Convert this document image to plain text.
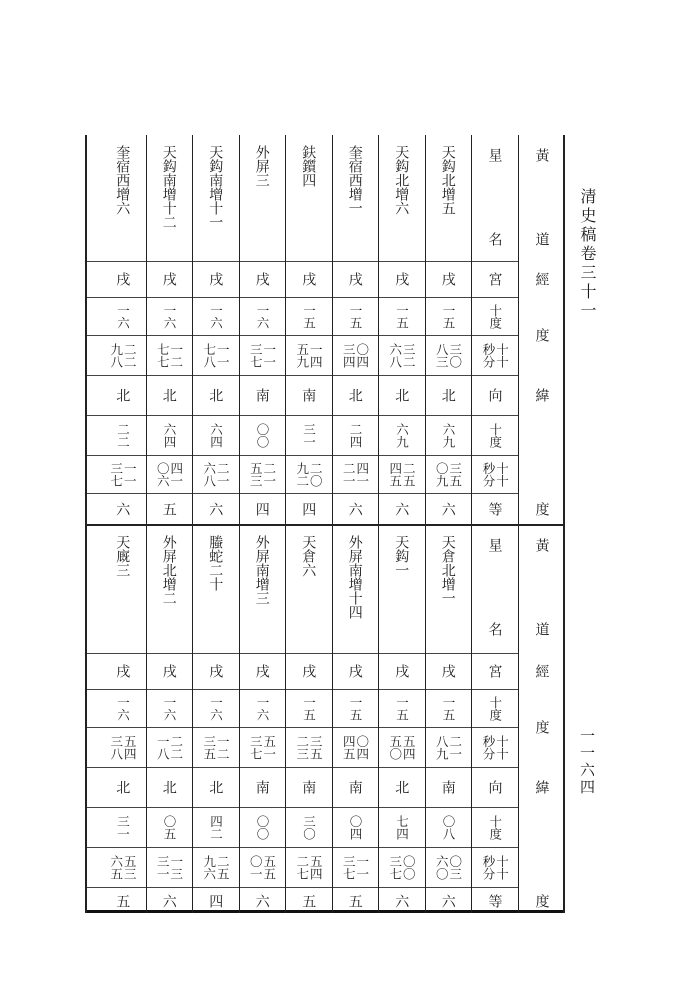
清史稿卷三十一
一一六四
黃
道
經
度
緯
度
星
名
宮
十度
十十
秒分
向
十度
十十
秒分
等
天鈎北增五
戌
一五
三〇
八三
北
六九
三五
〇九
六
天鈎北增六
戌
一五
三二
六八
北
六九
二五
四五
六
奎宿西增一
戌
一五
〇四
三四
北
二四
四一
二一
六
鈇鑕四
戌
一五
一四
五九
南
三一
二〇
九二
四
外屏三
戌
一六
一一
三七
南
〇〇
二一
五三
四
天鈎南增十一
戌
一六
一一
七八
北
六四
二一
六八
六
天鈎南增十二
戌
一六
一二
七七
北
六四
四一
〇六
五
奎宿西增六
戌
一六
二二
九八
北
二二
一一
三七
六
黃
道
經
度
緯
度
星
名
宮
十度
十十
秒分
向
十度
十十
秒分
等
天倉北增一
戌
一五
二一
八九
南
〇八
〇三
六〇
六
天鈎一
戌
一五
五四
五〇
北
七四
〇〇
三七
六
外屏南增十四
戌
一五
〇四
四五
南
〇四
一一
三七
五
天倉六
戌
一五
三五
二三
南
三〇
五四
二七
五
外屏南增三
戌
一六
五一
三七
南
〇〇
五五
〇一
六
螣蛇二十
戌
一六
一二
三五
北
四二
二五
九六
四
外屏北增二
戌
一六
二二
一八
北
〇五
一三
三一
六
天廐三
戌
一六
五四
三八
北
三一
五三
六五
五
